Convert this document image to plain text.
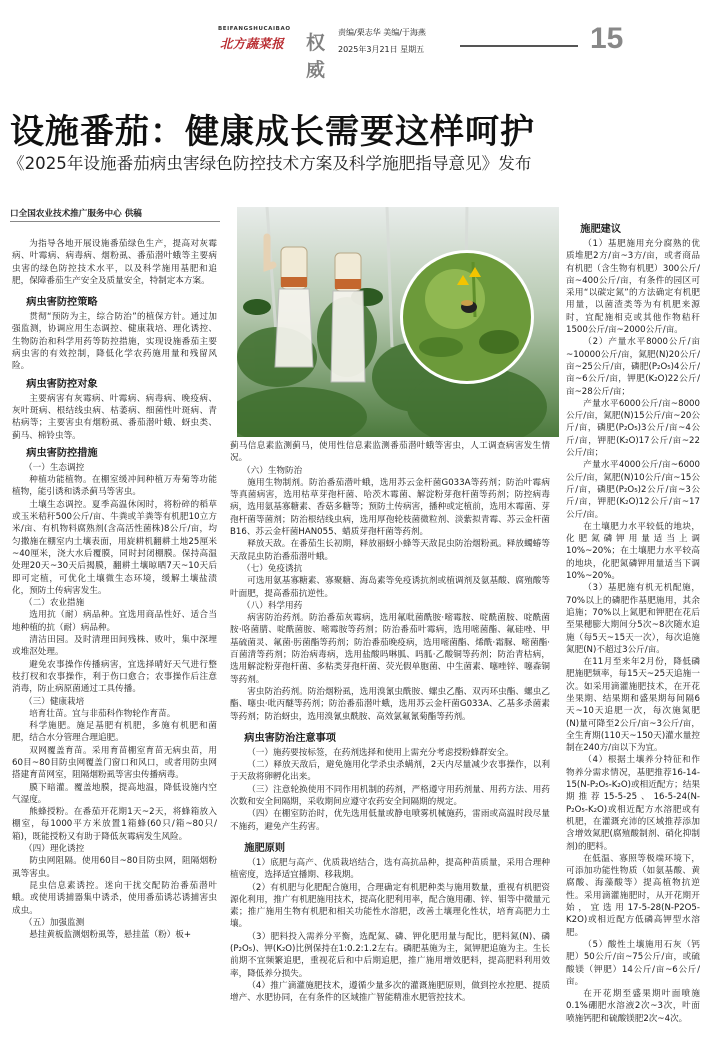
BEIFANGSHUCAIBAO
北方蔬菜报 权威
责编/栗志华 美编/于海燕
2025年3月21日 星期五	15
设施番茄：健康成长需要这样呵护
《2025年设施番茄病虫害绿色防控技术方案及科学施肥指导意见》发布
口全国农业技术推广服务中心 供稿

为指导各地开展设施番茄绿色生产，提高对灰霉病、叶霉病、病毒病、烟粉虱、番茄潜叶蛾等主要病虫害的绿色防控技术水平，以及科学施用基肥和追肥，保障番茄生产安全及质量安全，特制定本方案。

病虫害防控策略

贯彻“预防为主，综合防治”的植保方针。通过加强监测，协调应用生态调控、健康栽培、理化诱控、生物防治和科学用药等防控措施，实现设施番茄主要病虫害的有效控制，降低化学农药施用量和残留风险。

病虫害防控对象

主要病害有灰霉病、叶霉病、病毒病、晚疫病、灰叶斑病、根结线虫病、枯萎病、细菌性叶斑病、青枯病等；主要害虫有烟粉虱、番茄潜叶蛾、蚜虫类、蓟马、棉铃虫等。

病虫害防控措施

（一）生态调控

种植功能植物。在棚室缓冲间种植万寿菊等功能植物，能引诱和诱杀蓟马等害虫。

土壤生态调控。夏季高温休闲时，将粉碎的稻草或玉米秸秆500公斤/亩、牛粪或羊粪等有机肥10立方米/亩、有机物料腐熟剂(含高活性菌株)8公斤/亩，均匀撒施在棚室内土壤表面，用旋耕机翻耕土地25厘米~40厘米，浇大水后覆膜，同时封闭棚膜。保持高温处理20天~30天后揭膜，翻耕土壤晾晒7天~10天后即可定植，可优化土壤微生态环境，缓解土壤盐渍化，预防土传病害发生。

（二）农业措施

选用抗（耐）病品种。宜选用商品性好、适合当地种植的抗（耐）病品种。

清洁田园。及时清理田间残株、败叶，集中深埋或堆沤处理。

避免农事操作传播病害，宜选择晴好天气进行整枝打杈和农事操作，利于伤口愈合；农事操作后注意消毒，防止病原菌通过工具传播。

（三）健康栽培

培育壮苗。宜与非茄科作物轮作育苗。

科学施肥。施足基肥有机肥，多施有机肥和菌肥，结合水分管理合理追肥。

双网覆盖育苗。采用育苗棚室育苗无病虫苗，用60目~80目防虫网覆盖门窗口和风口，或者用防虫网搭建育苗网室，阻隔烟粉虱等害虫传播病毒。

膜下暗灌。覆盖地膜，提高地温，降低设施内空气湿度。

熊蜂授粉。在番茄开花期1天~2天，将蜂箱放入棚室，每1000平方米放置1箱蜂(60只/箱~80只/箱)，既能授粉又有助于降低灰霉病发生风险。

（四）理化诱控

防虫网阻隔。使用60目~80目防虫网，阻隔烟粉虱等害虫。

昆虫信息素诱控。迷向干扰交配防治番茄潜叶蛾。或使用诱捕器集中诱杀，使用番茄诱芯诱捕害虫成虫。

（五）加强监测

悬挂黄板监测烟粉虱等，悬挂蓝（粉）板+

蓟马信息素监测蓟马，使用性信息素监测番茄潜叶蛾等害虫，人工调查病害发生情况。

（六）生物防治

施用生物制剂。防治番茄潜叶蛾，选用苏云金杆菌G033A等药剂；防治叶霉病等真菌病害，选用枯草芽孢杆菌、哈茨木霉菌、解淀粉芽孢杆菌等药剂；防控病毒病，选用氨基寡糖素、香菇多糖等；预防土传病害，播种或定植前，选用木霉菌、芽孢杆菌等菌剂；防治根结线虫病，选用厚孢轮枝菌微粒剂、淡紫拟青霉、苏云金杆菌B16、苏云金杆菌HAN055、蜡质芽孢杆菌等药剂。

释放天敌。在番茄生长初期，释放丽蚜小蜂等天敌昆虫防治烟粉虱。释放蠋蝽等天敌昆虫防治番茄潜叶蛾。

（七）免疫诱抗

可选用氨基寡糖素、寡聚糖、海岛素等免疫诱抗剂或植调剂及氨基酸、腐殖酸等叶面肥，提高番茄抗逆性。

（八）科学用药

病害防治药剂。防治番茄灰霉病，选用氟吡菌酰胺·嘧霉胺、啶酰菌胺、啶酰菌胺·咯菌腈、啶酰菌胺、嘧霉胺等药剂；防治番茄叶霉病，选用嘧菌酯、氟硅唑、甲基硫菌灵、氟菌·肟菌酯等药剂；防治番茄晚疫病，选用嘧菌酯、烯酰·霜脲、嘧菌酯·百菌清等药剂；防治病毒病，选用盐酸吗啉胍、吗胍·乙酸铜等药剂；防治青枯病，选用解淀粉芽孢杆菌、多粘类芽孢杆菌、荧光假单胞菌、中生菌素、噻唑锌、噻森铜等药剂。

害虫防治药剂。防治烟粉虱，选用溴氰虫酰胺、螺虫乙酯、双丙环虫酯、螺虫乙酯、噻虫·吡丙醚等药剂；防治番茄潜叶蛾，选用苏云金杆菌G033A、乙基多杀菌素等药剂；防治蚜虫，选用溴氰虫酰胺、高效氯氟氰菊酯等药剂。

病虫害防治注意事项

（一）施药要按标签，在药剂选择和使用上需充分考虑授粉蜂群安全。

（二）释放天敌后，避免施用化学杀虫杀螨剂，2天内尽量减少农事操作，以利于天敌将卵孵化出来。

（三）注意轮换使用不同作用机制的药剂，严格遵守用药剂量、用药方法、用药次数和安全间隔期，采收期间应遵守农药安全间隔期的规定。

（四）在棚室防治时，优先选用低量或静电喷雾机械施药，雷雨或高温时段尽量不施药，避免产生药害。

施肥原则

（1）底肥与高产、优质栽培结合，选有高抗品种，提高种苗质量，采用合理种植密度，选择适宜播期、移栽期。

（2）有机肥与化肥配合施用，合理确定有机肥种类与施用数量，重视有机肥资源化利用，推广有机肥施用技术，提高化肥利用率，配合施用硼、锌、钼等中微量元素；推广施用生物有机肥和相关功能性水溶肥，改善土壤理化性状，培育高肥力土壤。

（3）肥料投入需养分平衡，选配氮、磷、钾化肥用量与配比，肥料氮(N)、磷(P₂O₅)、钾(K₂O)比例保持在1:0.2:1.2左右。磷肥基施为主，氮钾肥追施为主。生长前期不宜频繁追肥，重视花后和中后期追肥，推广施用增效肥料，提高肥料利用效率，降低养分损失。

（4）推广滴灌施肥技术，遵循少量多次的灌溉施肥原则，做到控水控肥、提质增产、水肥协同，在有条件的区域推广智能精准水肥管控技术。

施肥建议

（1）基肥施用充分腐熟的优质堆肥2方/亩~3方/亩，或者商品有机肥（含生物有机肥）300公斤/亩~400公斤/亩，有条件的园区可采用“以碳定氮”的方法确定有机肥用量，以菌渣类等为有机肥来源时，宜配施相克或其他作物秸秆1500公斤/亩~2000公斤/亩。

（2）产量水平8000公斤/亩~10000公斤/亩，氮肥(N)20公斤/亩~25公斤/亩，磷肥(P₂O₅)4公斤/亩~6公斤/亩，钾肥(K₂O)22公斤/亩~28公斤/亩；

产量水平6000公斤/亩~8000公斤/亩，氮肥(N)15公斤/亩~20公斤/亩，磷肥(P₂O₅)3公斤/亩~4公斤/亩，钾肥(K₂O)17公斤/亩~22公斤/亩；

产量水平4000公斤/亩~6000公斤/亩，氮肥(N)10公斤/亩~15公斤/亩，磷肥(P₂O₅)2公斤/亩~3公斤/亩，钾肥(K₂O)12公斤/亩~17公斤/亩。

在土壤肥力水平较低的地块，化肥氮磷钾用量适当上调10%~20%；在土壤肥力水平较高的地块，化肥氮磷钾用量适当下调10%~20%。

（3）基肥施有机无机配施，70%以上的磷肥作基肥施用，其余追施；70%以上氮肥和钾肥在花后至果穗膨大期间分5次~8次随水追施（每5天~15天一次），每次追施氮肥(N)不超过3公斤/亩。

在11月至来年2月份，降低磷肥施肥频率，每15天~25天追施一次。如采用滴灌施肥技术，在开花坐果期、结果期和盛果期每间隔6天~10天追肥一次，每次施氮肥(N)量可降至2公斤/亩~3公斤/亩，全生育期(110天~150天)灌水量控制在240方/亩以下为宜。

（4）根据土壤养分特征和作物养分需求情况，基肥推荐16-14-15(N-P₂O₅-K₂O)或相近配方；结果期推荐15-5-25、16-5-24(N-P₂O₅-K₂O)或相近配方水溶肥或有机肥，在灌溉充沛的区域推荐添加含增效氮肥(腐殖酸制剂、硝化抑制剂)的肥料。

在低温、寡照等极端环境下，可添加功能性物质（如氨基酸、黄腐酸、海藻酸等）提高植物抗逆性。采用滴灌施肥时，从开花期开始，宜选用17-5-28(N-P2O5-K2O)或相近配方低磷高钾型水溶肥。

（5）酸性土壤施用石灰（钙肥）50公斤/亩~75公斤/亩，或硫酸镁（钾肥）14公斤/亩~6公斤/亩。

在开花期至盛果期叶面喷施0.1%硼肥水溶液2次~3次，叶面喷施钙肥和硫酸镁肥2次~4次。
